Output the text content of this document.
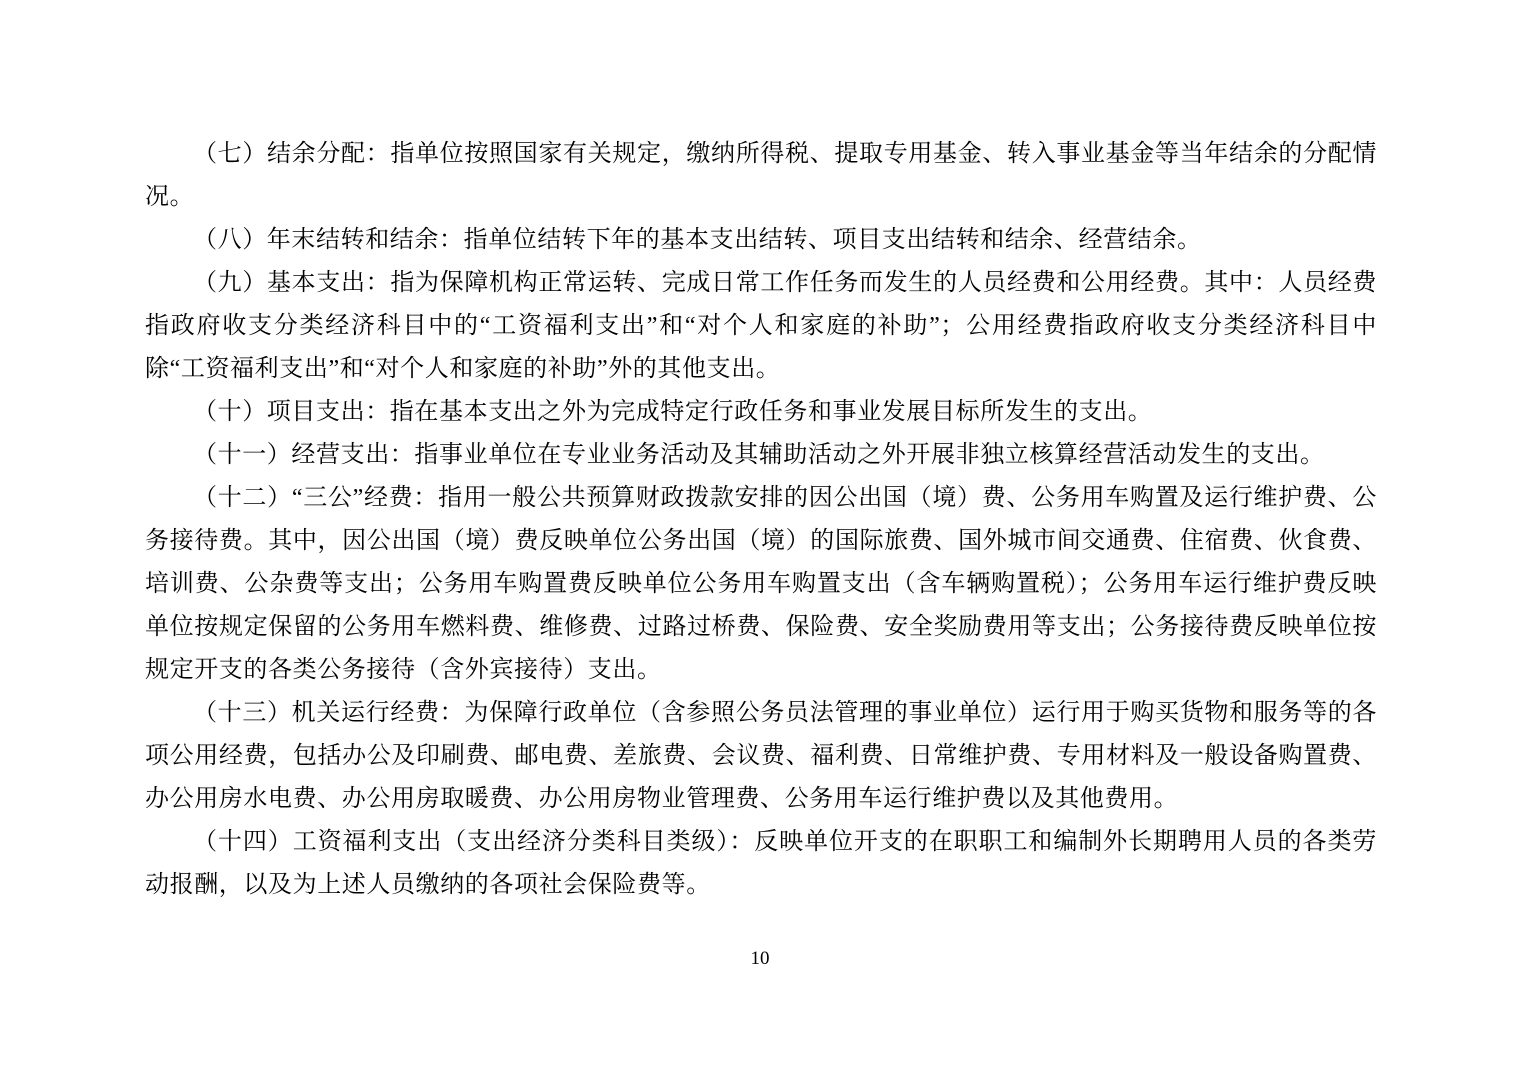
（七）结余分配：指单位按照国家有关规定，缴纳所得税、提取专用基金、转入事业基金等当年结余的分配情况。

（八）年末结转和结余：指单位结转下年的基本支出结转、项目支出结转和结余、经营结余。

（九）基本支出：指为保障机构正常运转、完成日常工作任务而发生的人员经费和公用经费。其中：人员经费指政府收支分类经济科目中的“工资福利支出”和“对个人和家庭的补助”；公用经费指政府收支分类经济科目中除“工资福利支出”和“对个人和家庭的补助”外的其他支出。

（十）项目支出：指在基本支出之外为完成特定行政任务和事业发展目标所发生的支出。

（十一）经营支出：指事业单位在专业业务活动及其辅助活动之外开展非独立核算经营活动发生的支出。

（十二）“三公”经费：指用一般公共预算财政拨款安排的因公出国（境）费、公务用车购置及运行维护费、公务接待费。其中，因公出国（境）费反映单位公务出国（境）的国际旅费、国外城市间交通费、住宿费、伙食费、培训费、公杂费等支出；公务用车购置费反映单位公务用车购置支出（含车辆购置税）；公务用车运行维护费反映单位按规定保留的公务用车燃料费、维修费、过路过桥费、保险费、安全奖励费用等支出；公务接待费反映单位按规定开支的各类公务接待（含外宾接待）支出。

（十三）机关运行经费：为保障行政单位（含参照公务员法管理的事业单位）运行用于购买货物和服务等的各项公用经费，包括办公及印刷费、邮电费、差旅费、会议费、福利费、日常维护费、专用材料及一般设备购置费、办公用房水电费、办公用房取暖费、办公用房物业管理费、公务用车运行维护费以及其他费用。

（十四）工资福利支出（支出经济分类科目类级）：反映单位开支的在职职工和编制外长期聘用人员的各类劳动报酬，以及为上述人员缴纳的各项社会保险费等。

10
